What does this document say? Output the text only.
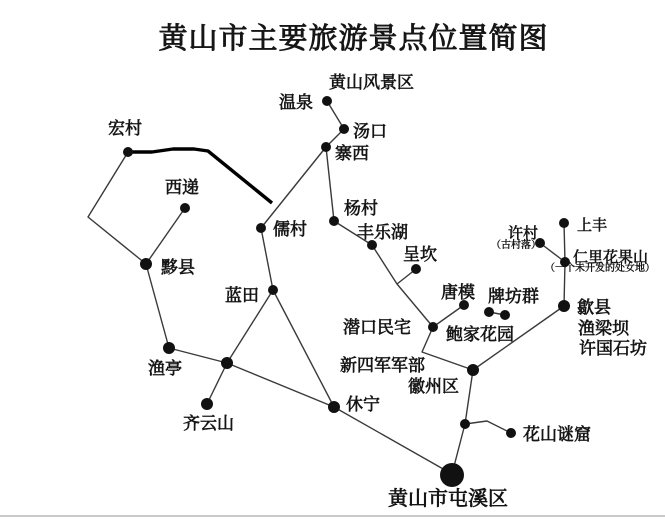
黄山市主要旅游景点位置简图
黄山风景区
温泉
汤口
寨西
宏村
西递
儒村
杨村
丰乐湖
呈坎
黟县
蓝田
渔亭
齐云山
休宁
潜口民宅
唐模 牌坊群
鲍家花园
新四军军部
徽州区
歙县
渔梁坝
许国石坊
许村
（古村落）
上丰
仁里花果山
（一个未开发的处女地）
花山谜窟
黄山市屯溪区
